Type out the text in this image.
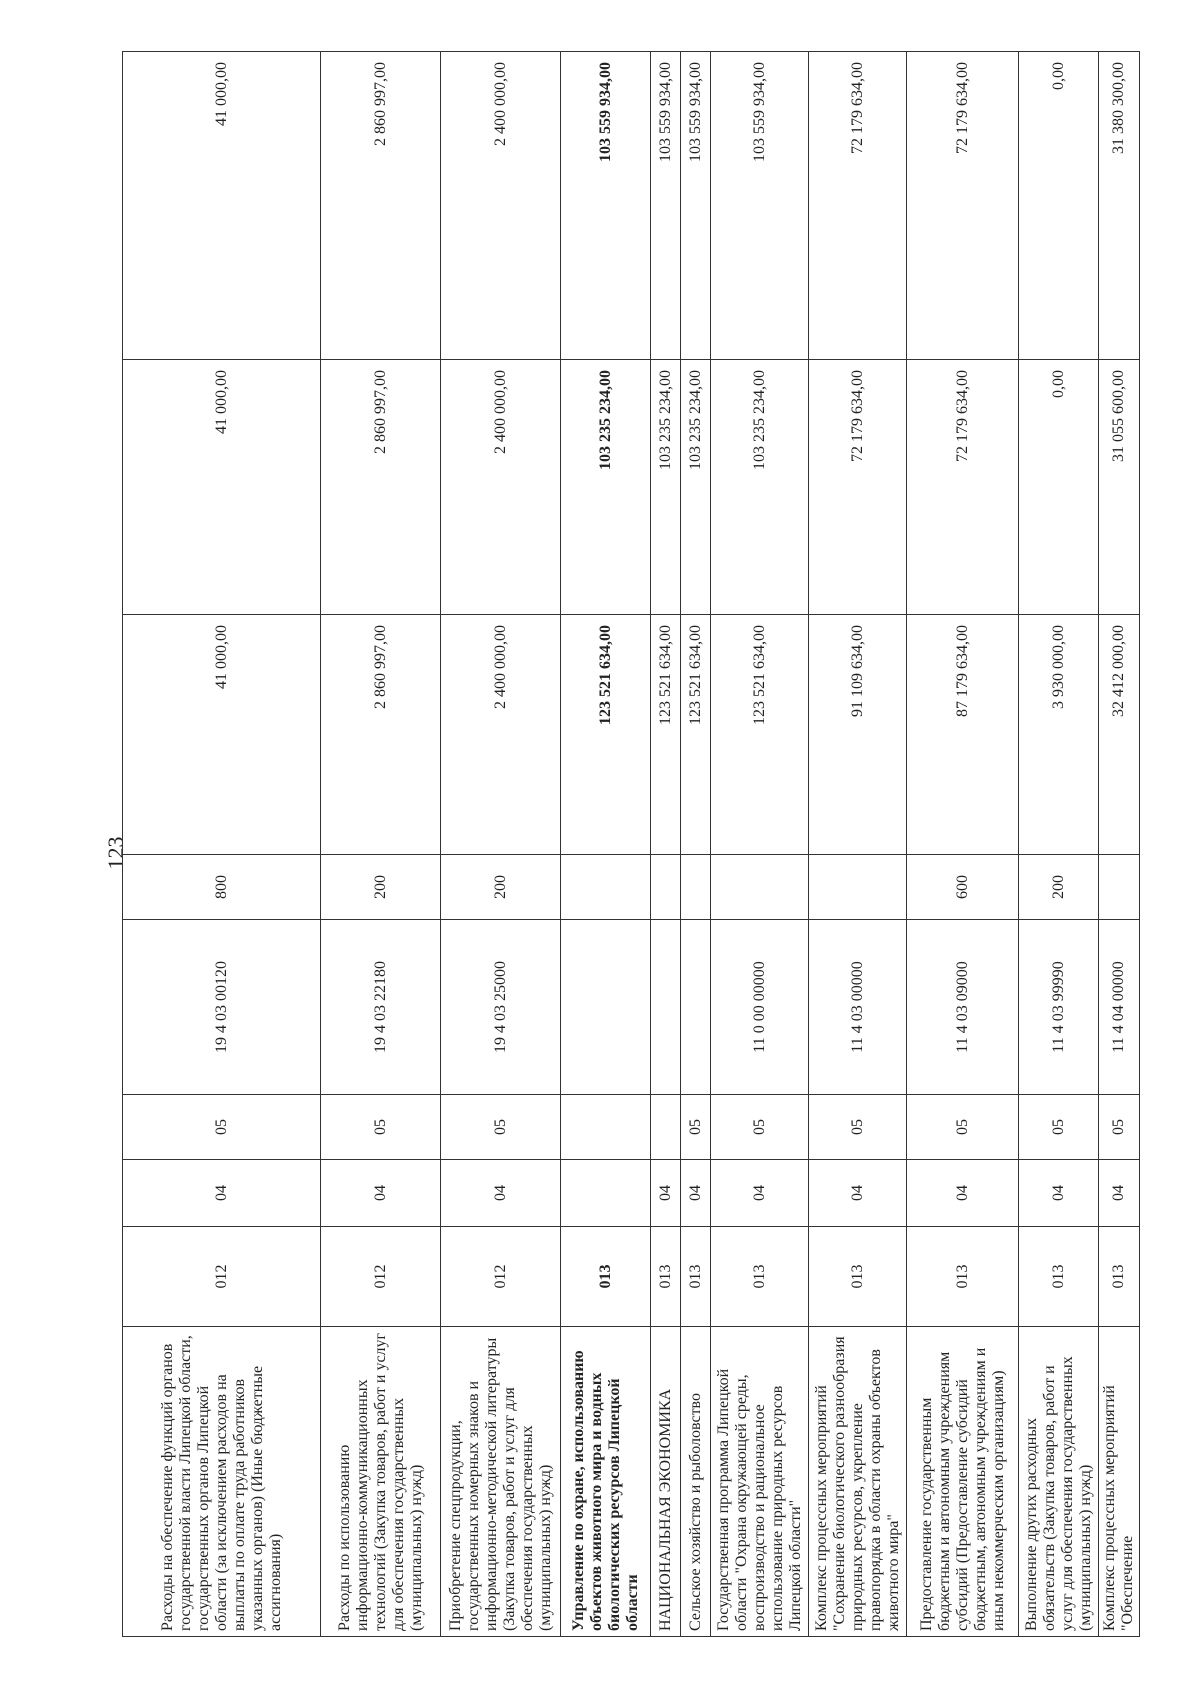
123
Расходы на обеспечение функций органов государственной власти Липецкой области, государственных органов Липецкой области (за исключением расходов на выплаты по оплате труда работников указанных органов) (Иные бюджетные ассигнования)	012	04	05	19 4 03 00120	800	41 000,00	41 000,00	41 000,00
Расходы по использованию информационно-коммуникационных технологий (Закупка товаров, работ и услуг для обеспечения государственных (муниципальных) нужд)	012	04	05	19 4 03 22180	200	2 860 997,00	2 860 997,00	2 860 997,00
Приобретение спецпродукции, государственных номерных знаков и информационно-методической литературы (Закупка товаров, работ и услуг для обеспечения государственных (муниципальных) нужд)	012	04	05	19 4 03 25000	200	2 400 000,00	2 400 000,00	2 400 000,00
Управление по охране, использованию объектов животного мира и водных биологических ресурсов Липецкой области	013					123 521 634,00	103 235 234,00	103 559 934,00
НАЦИОНАЛЬНАЯ ЭКОНОМИКА	013	04				123 521 634,00	103 235 234,00	103 559 934,00
Сельское хозяйство и рыболовство	013	04	05			123 521 634,00	103 235 234,00	103 559 934,00
Государственная программа Липецкой области "Охрана окружающей среды, воспроизводство и рациональное использование природных ресурсов Липецкой области"	013	04	05	11 0 00 00000		123 521 634,00	103 235 234,00	103 559 934,00
Комплекс процессных мероприятий "Сохранение биологического разнообразия природных ресурсов, укрепление правопорядка в области охраны объектов животного мира"	013	04	05	11 4 03 00000		91 109 634,00	72 179 634,00	72 179 634,00
Предоставление государственным бюджетным и автономным учреждениям субсидий (Предоставление субсидий бюджетным, автономным учреждениям и иным некоммерческим организациям)	013	04	05	11 4 03 09000	600	87 179 634,00	72 179 634,00	72 179 634,00
Выполнение других расходных обязательств (Закупка товаров, работ и услуг для обеспечения государственных (муниципальных) нужд)	013	04	05	11 4 03 99990	200	3 930 000,00	0,00	0,00
Комплекс процессных мероприятий "Обеспечение	013	04	05	11 4 04 00000		32 412 000,00	31 055 600,00	31 380 300,00
